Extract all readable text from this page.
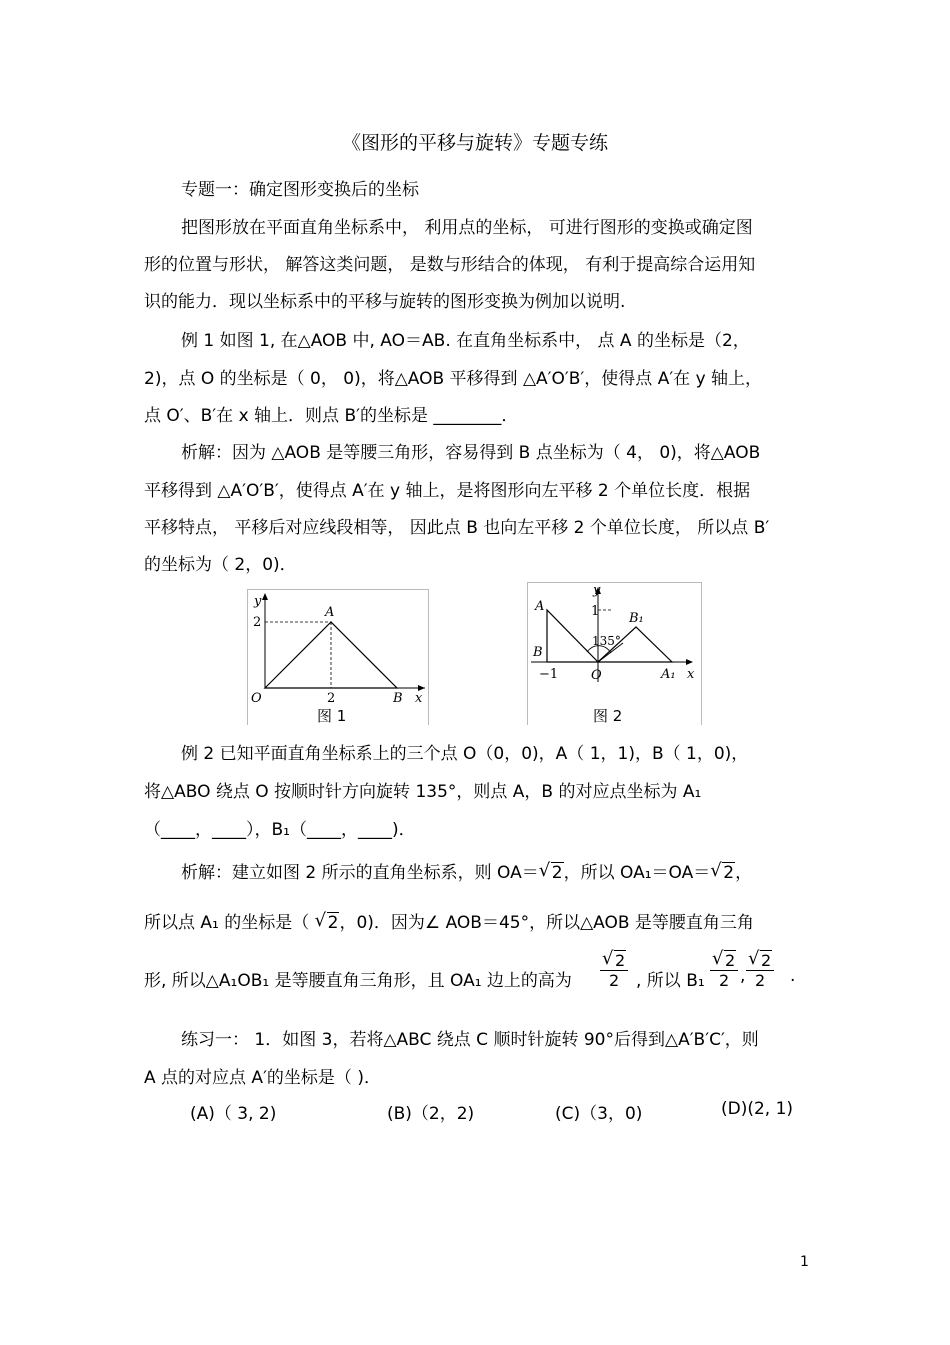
《图形的平移与旋转》专题专练
专题一：确定图形变换后的坐标
把图形放在平面直角坐标系中， 利用点的坐标， 可进行图形的变换或确定图
形的位置与形状， 解答这类问题， 是数与形结合的体现， 有利于提高综合运用知
识的能力．现以坐标系中的平移与旋转的图形变换为例加以说明.
例 1 如图 1, 在△AOB 中, AO＝AB. 在直角坐标系中， 点 A 的坐标是（2，
2)，点 O 的坐标是（ 0， 0)，将△AOB 平移得到 △A′O′B′，使得点 A′在 y 轴上，
点 O′、B′在 x 轴上．则点 B′的坐标是 ________．
析解：因为 △AOB 是等腰三角形，容易得到 B 点坐标为（ 4， 0)，将△AOB
平移得到 △A′O′B′，使得点 A′在 y 轴上，是将图形向左平移 2 个单位长度．根据
平移特点， 平移后对应线段相等， 因此点 B 也向左平移 2 个单位长度， 所以点 B′
的坐标为（ 2，0)．
y
2
O	2	B x
A
图 1
y
1
A
B
−1	O
135°
B₁
A₁ x
图 2
例 2 已知平面直角坐标系上的三个点 O（0，0)，A（ 1，1)，B（ 1，0)，
将△ABO 绕点 O 按顺时针方向旋转 135°，则点 A，B 的对应点坐标为 A₁
（____，____），B₁（____，____)．
析解：建立如图 2 所示的直角坐标系，则 OA＝ √ 2，所以 OA₁＝OA＝ √ 2，
所以点 A₁ 的坐标是（ √ 2，0)．因为∠ AOB＝45°，所以△AOB 是等腰直角三角
形, 所以△A₁OB₁ 是等腰直角三角形，且 OA₁ 边上的高为	√ $\frac{2}{2}$ , 所以 B₁ √ $\frac{2}{2}$ , √ $\frac{2}{2}$ .
练习一： 1．如图 3，若将△ABC 绕点 C 顺时针旋转 90°后得到△A′B′C′，则
A 点的对应点 A′的坐标是（ )．
(A)（ 3, 2)	(B)（2，2)	(C)（3，0)	(D)(2, 1)
1
